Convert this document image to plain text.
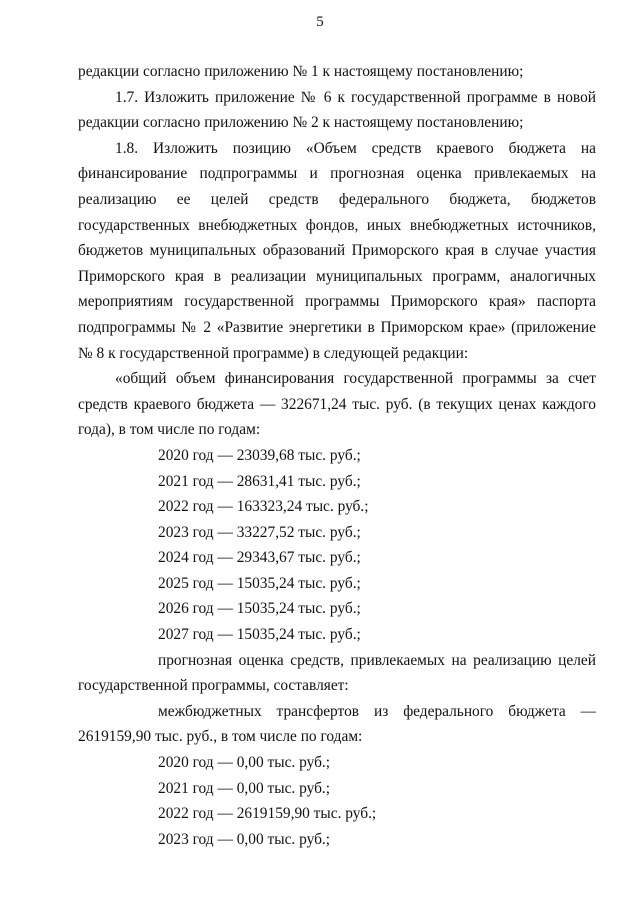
5

редакции согласно приложению № 1 к настоящему постановлению;

1.7. Изложить приложение № 6 к государственной программе в новой

редакции согласно приложению № 2 к настоящему постановлению;

1.8. Изложить позицию «Объем средств краевого бюджета на финансирование подпрограммы и прогнозная оценка привлекаемых на реализацию ее целей средств федерального бюджета, бюджетов государственных внебюджетных фондов, иных внебюджетных источников, бюджетов муниципальных образований Приморского края в случае участия Приморского края в реализации муниципальных программ, аналогичных мероприятиям государственной программы Приморского края» паспорта подпрограммы № 2 «Развитие энергетики в Приморском крае» (приложение № 8 к государственной программе) в следующей редакции:

«общий объем финансирования государственной программы за счет средств краевого бюджета –– 322671,24 тыс. руб. (в текущих ценах каждого года), в том числе по годам:

2020 год — 23039,68 тыс. руб.;
2021 год — 28631,41 тыс. руб.;
2022 год — 163323,24 тыс. руб.;
2023 год — 33227,52 тыс. руб.;
2024 год — 29343,67 тыс. руб.;
2025 год — 15035,24 тыс. руб.;
2026 год — 15035,24 тыс. руб.;
2027 год — 15035,24 тыс. руб.;

прогнозная оценка средств, привлекаемых на реализацию целей государственной программы, составляет:

межбюджетных трансфертов из федерального бюджета — 2619159,90 тыс. руб., в том числе по годам:

2020 год — 0,00 тыс. руб.;
2021 год — 0,00 тыс. руб.;
2022 год — 2619159,90 тыс. руб.;
2023 год — 0,00 тыс. руб.;
